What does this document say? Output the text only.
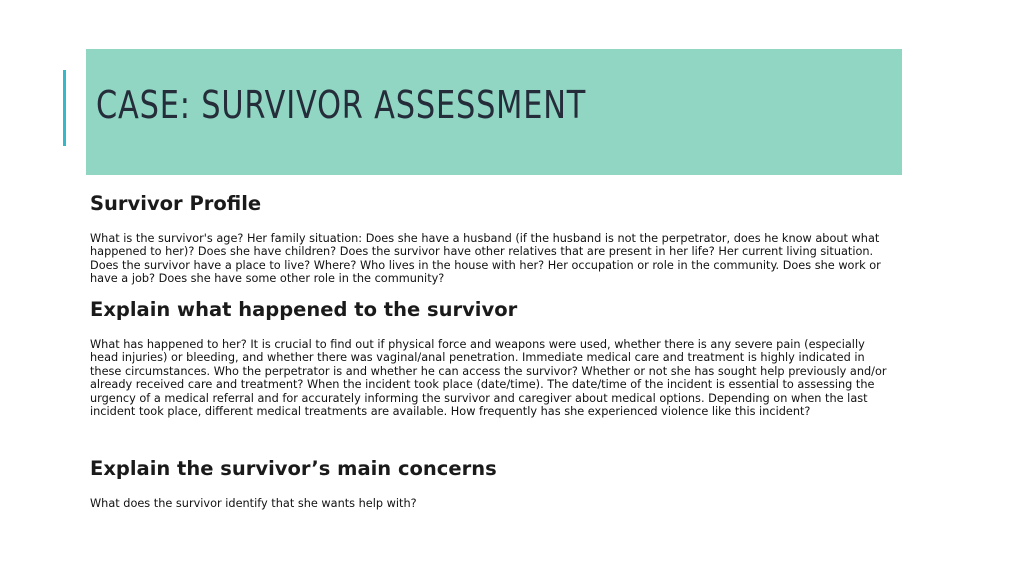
CASE: SURVIVOR ASSESSMENT
Survivor Profile

What is the survivor's age? Her family situation: Does she have a husband (if the husband is not the perpetrator, does he know about what happened to her)? Does she have children? Does the survivor have other relatives that are present in her life? Her current living situation. Does the survivor have a place to live? Where? Who lives in the house with her? Her occupation or role in the community. Does she work or have a job? Does she have some other role in the community?

Explain what happened to the survivor

What has happened to her? It is crucial to find out if physical force and weapons were used, whether there is any severe pain (especially head injuries) or bleeding, and whether there was vaginal/anal penetration. Immediate medical care and treatment is highly indicated in these circumstances. Who the perpetrator is and whether he can access the survivor? Whether or not she has sought help previously and/or already received care and treatment? When the incident took place (date/time). The date/time of the incident is essential to assessing the urgency of a medical referral and for accurately informing the survivor and caregiver about medical options. Depending on when the last incident took place, different medical treatments are available. How frequently has she experienced violence like this incident?

Explain the survivor’s main concerns

What does the survivor identify that she wants help with?
